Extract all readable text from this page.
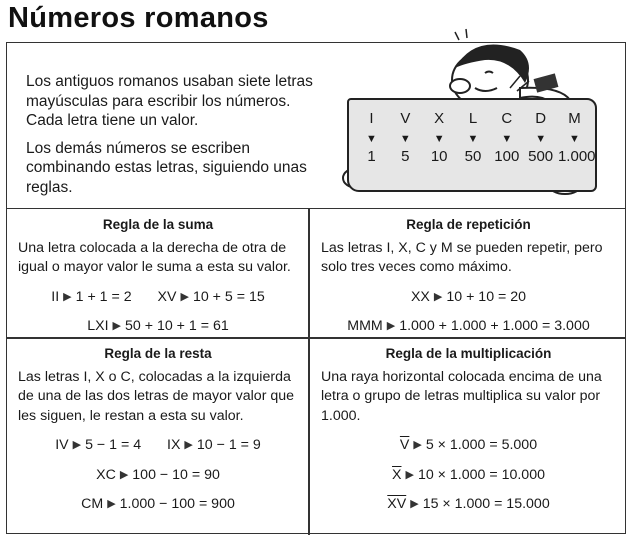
Números romanos

Los antiguos romanos usaban siete letras mayúsculas para escribir los números. Cada letra tiene un valor.

Los demás números se escriben combinando estas letras, siguiendo unas reglas.

I	V	X	L	C	D	M
▼	▼	▼	▼	▼	▼	▼
1	5	10	50 100 500 1.000
Regla de la suma

Una letra colocada a la derecha de otra de igual o mayor valor le suma a esta su valor.

II ▶ 1 + 1 = 2 XV ▶ 10 + 5 = 15
LXI ▶ 50 + 10 + 1 = 61
Regla de repetición

Las letras I, X, C y M se pueden repetir, pero solo tres veces como máximo.

XX ▶ 10 + 10 = 20
MMM ▶ 1.000 + 1.000 + 1.000 = 3.000
Regla de la resta

Las letras I, X o C, colocadas a la izquierda de una de las dos letras de mayor valor que les siguen, le restan a esta su valor.

IV ▶ 5 − 1 = 4 IX ▶ 10 − 1 = 9
XC ▶ 100 − 10 = 90
CM ▶ 1.000 − 100 = 900
Regla de la multiplicación

Una raya horizontal colocada encima de una letra o grupo de letras multiplica su valor por 1.000.

$\overline{V}$ ▶ 5 × 1.000 = 5.000
$\overline{X}$ ▶ 10 × 1.000 = 10.000
$\overline{XV}$ ▶ 15 × 1.000 = 15.000
